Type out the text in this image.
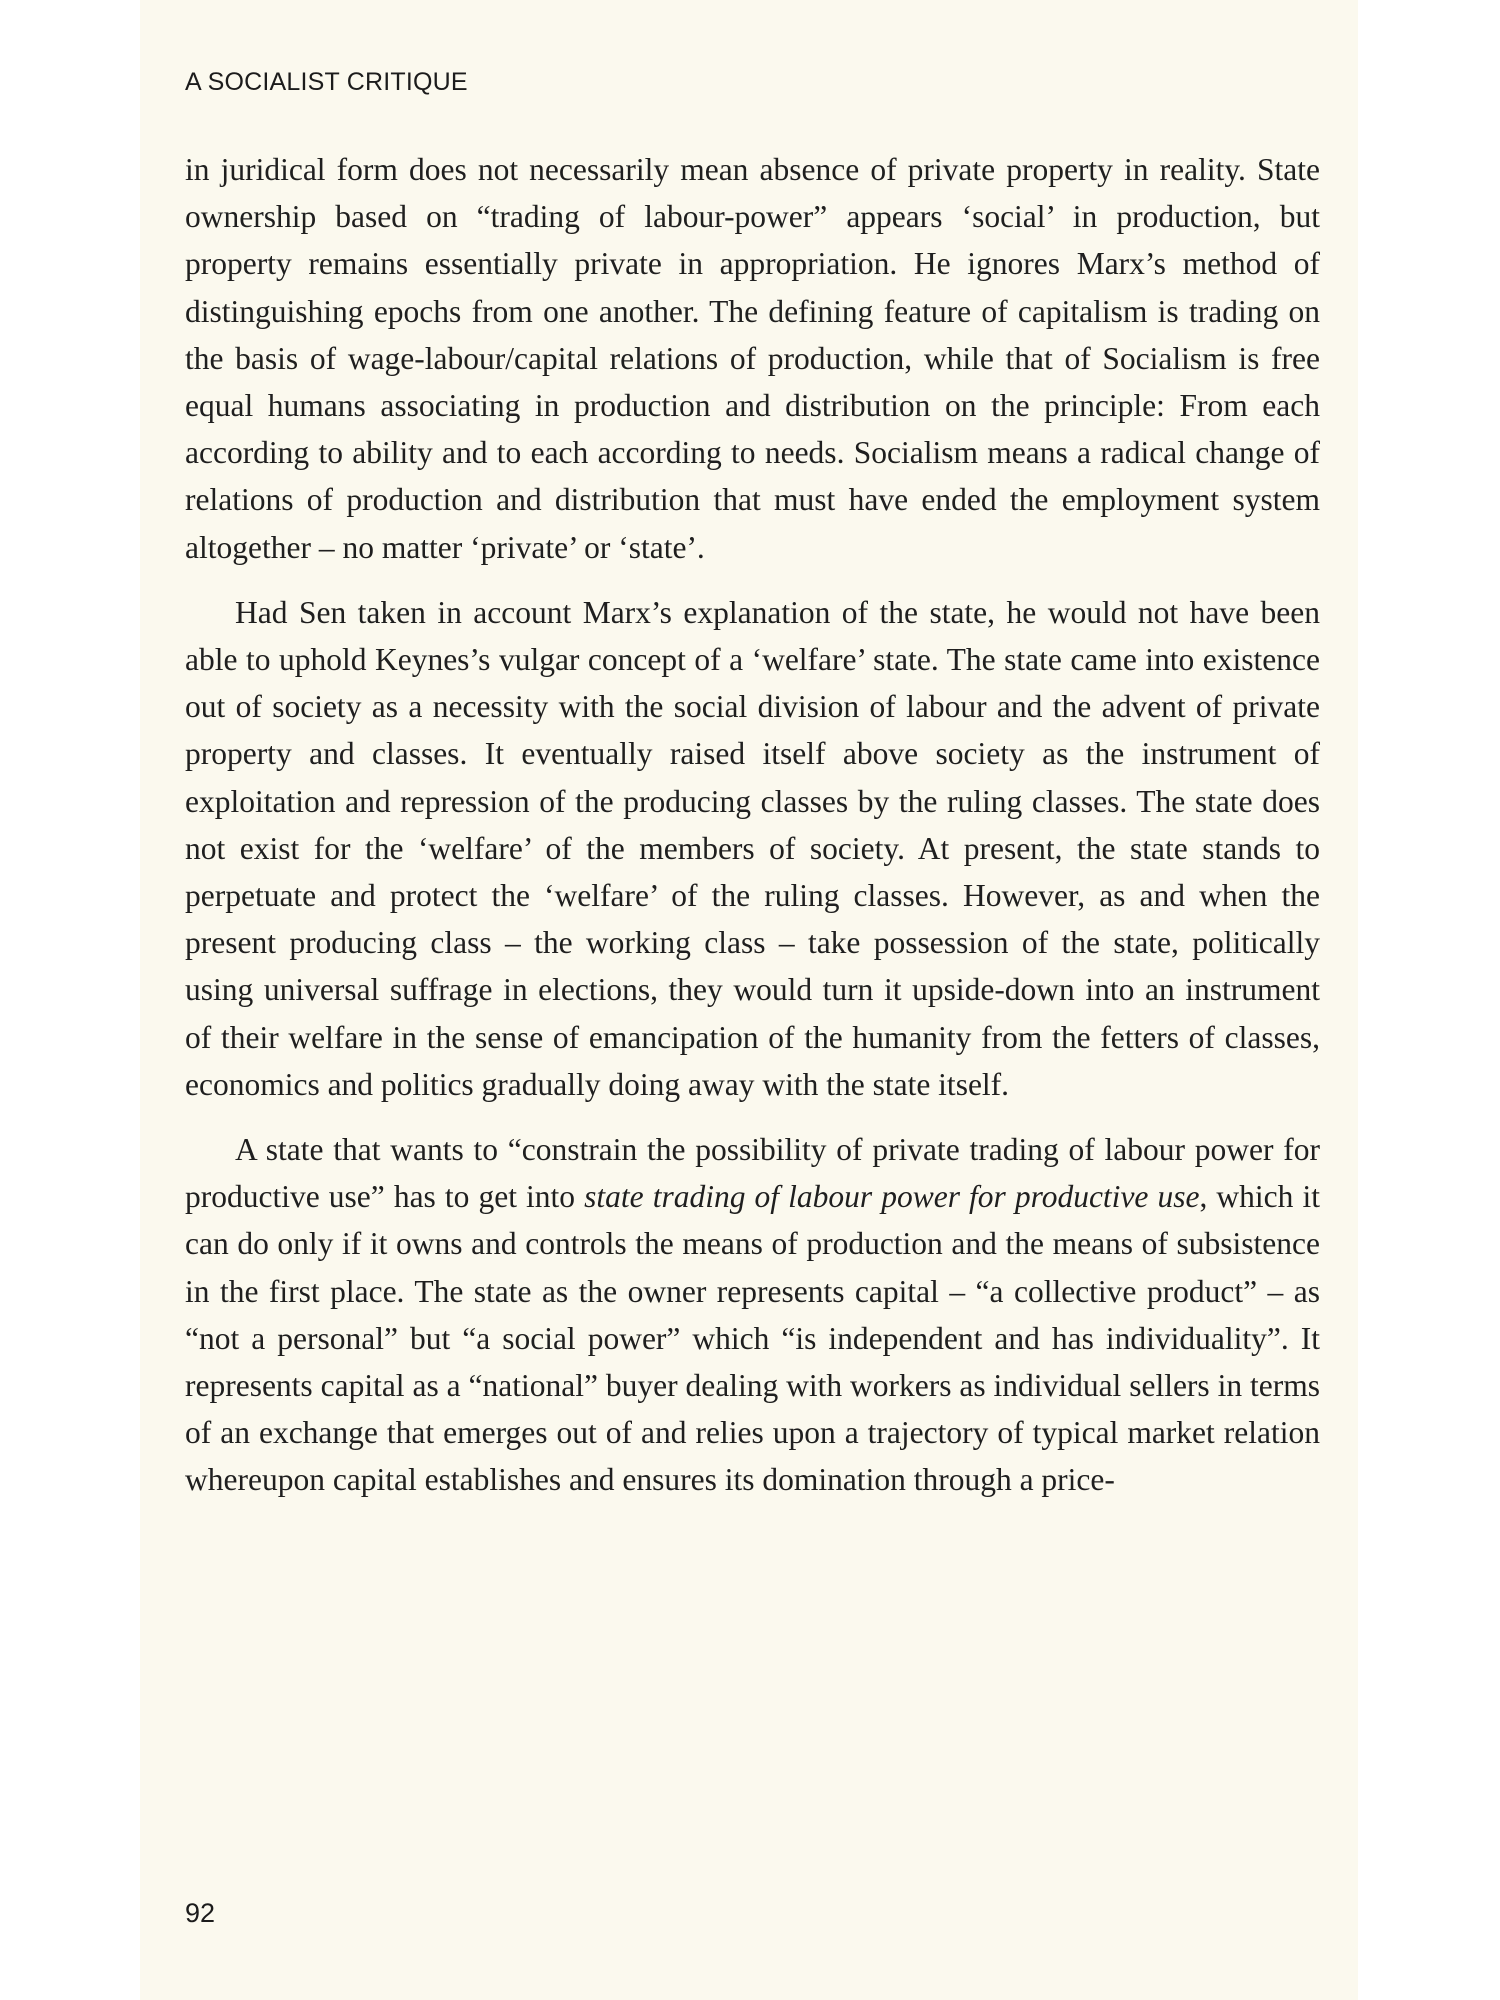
A SOCIALIST CRITIQUE

in juridical form does not necessarily mean absence of private property in reality. State ownership based on “trading of labour-power” appears ‘social’ in production, but property remains essentially private in appropriation. He ignores Marx’s method of distinguishing epochs from one another. The defining feature of capitalism is trading on the basis of wage-labour/capital relations of production, while that of Socialism is free equal humans associating in production and distribution on the principle: From each according to ability and to each according to needs. Socialism means a radical change of relations of production and distribution that must have ended the employment system altogether – no matter ‘private’ or ‘state’.

Had Sen taken in account Marx’s explanation of the state, he would not have been able to uphold Keynes’s vulgar concept of a ‘welfare’ state. The state came into existence out of society as a necessity with the social division of labour and the advent of private property and classes. It eventually raised itself above society as the instrument of exploitation and repression of the producing classes by the ruling classes. The state does not exist for the ‘welfare’ of the members of society. At present, the state stands to perpetuate and protect the ‘welfare’ of the ruling classes. However, as and when the present producing class – the working class – take possession of the state, politically using universal suffrage in elections, they would turn it upside-down into an instrument of their welfare in the sense of emancipation of the humanity from the fetters of classes, economics and politics gradually doing away with the state itself.

A state that wants to “constrain the possibility of private trading of labour power for productive use” has to get into state trading of labour power for productive use, which it can do only if it owns and controls the means of production and the means of subsistence in the first place. The state as the owner represents capital – “a collective product” – as “not a personal” but “a social power” which “is independent and has individuality”. It represents capital as a “national” buyer dealing with workers as individual sellers in terms of an exchange that emerges out of and relies upon a trajectory of typical market relation whereupon capital establishes and ensures its domination through a price-

92
